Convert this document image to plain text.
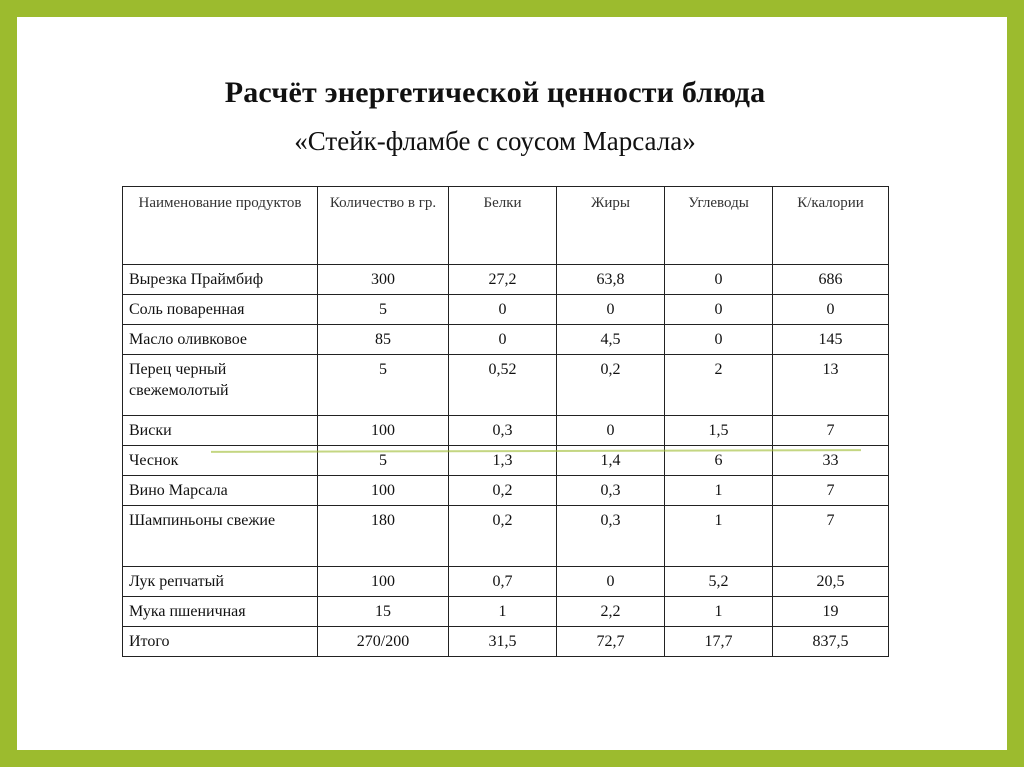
Расчёт энергетической ценности блюда
«Стейк-фламбе с соусом Марсала»
Наименование продуктов	Количество в гр.	Белки	Жиры	Углеводы	К/калории
Вырезка Праймбиф	300	27,2	63,8	0	686
Соль поваренная	5	0	0	0	0
Масло оливковое	85	0	4,5	0	145
Перец черный свежемолотый	5	0,52	0,2	2	13
Виски	100	0,3	0	1,5	7
Чеснок	5	1,3	1,4	6	33
Вино Марсала	100	0,2	0,3	1	7
Шампиньоны свежие	180	0,2	0,3	1	7
Лук репчатый	100	0,7	0	5,2	20,5
Мука пшеничная	15	1	2,2	1	19
Итого	270/200	31,5	72,7	17,7	837,5
